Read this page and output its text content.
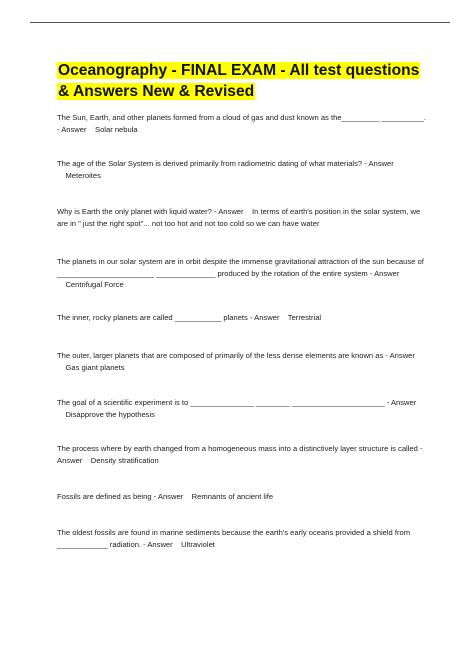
Oceanography - FINAL EXAM - All test questions & Answers New & Revised

The Sun, Earth, and other planets formed from a cloud of gas and dust known as the_________ __________. - Answer Solar nebula

The age of the Solar System is derived primarily from radiometric dating of what materials? - Answer    Meteroites

Why is Earth the only planet with liquid water? - Answer In terms of earth's position in the solar system, we are in " just the right spot"... not too hot and not too cold so we can have water

The planets in our solar system are in orbit despite the immense gravitational attraction of the sun because of _______________________ ______________ produced by the rotation of the entire system - Answer    Centrifugal Force

The inner, rocky planets are called ___________ planets - Answer Terrestrial

The outer, larger planets that are composed of primarily of the less dense elements are known as - Answer    Gas giant planets

The goal of a scientific experiment is to _______________ ________ ______________________ - Answer    Disapprove the hypothesis

The process where by earth changed from a homogeneous mass into a distinctively layer structure is called - Answer Density stratification

Fossils are defined as being - Answer Remnants of ancient life

The oldest fossils are found in marine sediments because the earth's early oceans provided a shield from ____________ radiation. - Answer Ultraviolet
